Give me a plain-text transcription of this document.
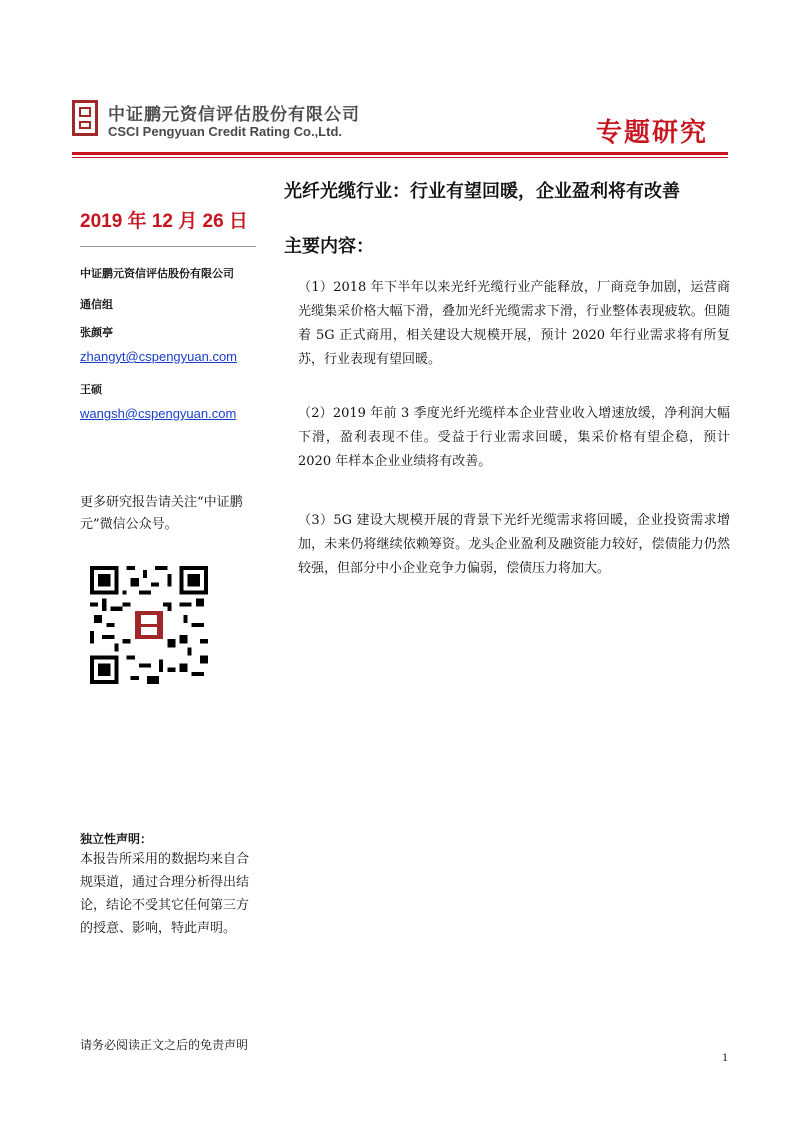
中证鹏元资信评估股份有限公司
CSCI Pengyuan Credit Rating Co.,Ltd.	专题研究
光纤光缆行业：行业有望回暖，企业盈利将有改善
2019 年 12 月 26 日
主要内容：
中证鹏元资信评估股份有限公司
通信组
张颜亭
zhangyt@cspengyuan.com
王硕
wangsh@cspengyuan.com
更多研究报告请关注“中证鹏元”微信公众号。
独立性声明：
本报告所采用的数据均来自合规渠道，通过合理分析得出结论，结论不受其它任何第三方的授意、影响，特此声明。
（1）2018 年下半年以来光纤光缆行业产能释放，厂商竞争加剧，运营商光缆集采价格大幅下滑，叠加光纤光缆需求下滑，行业整体表现疲软。但随着 5G 正式商用，相关建设大规模开展，预计 2020 年行业需求将有所复苏，行业表现有望回暖。
（2）2019 年前 3 季度光纤光缆样本企业营业收入增速放缓，净利润大幅下滑，盈利表现不佳。受益于行业需求回暖，集采价格有望企稳，预计 2020 年样本企业业绩将有改善。
（3）5G 建设大规模开展的背景下光纤光缆需求将回暖，企业投资需求增加，未来仍将继续依赖筹资。龙头企业盈利及融资能力较好，偿债能力仍然较强，但部分中小企业竞争力偏弱，偿债压力将加大。
请务必阅读正文之后的免责声明
1
